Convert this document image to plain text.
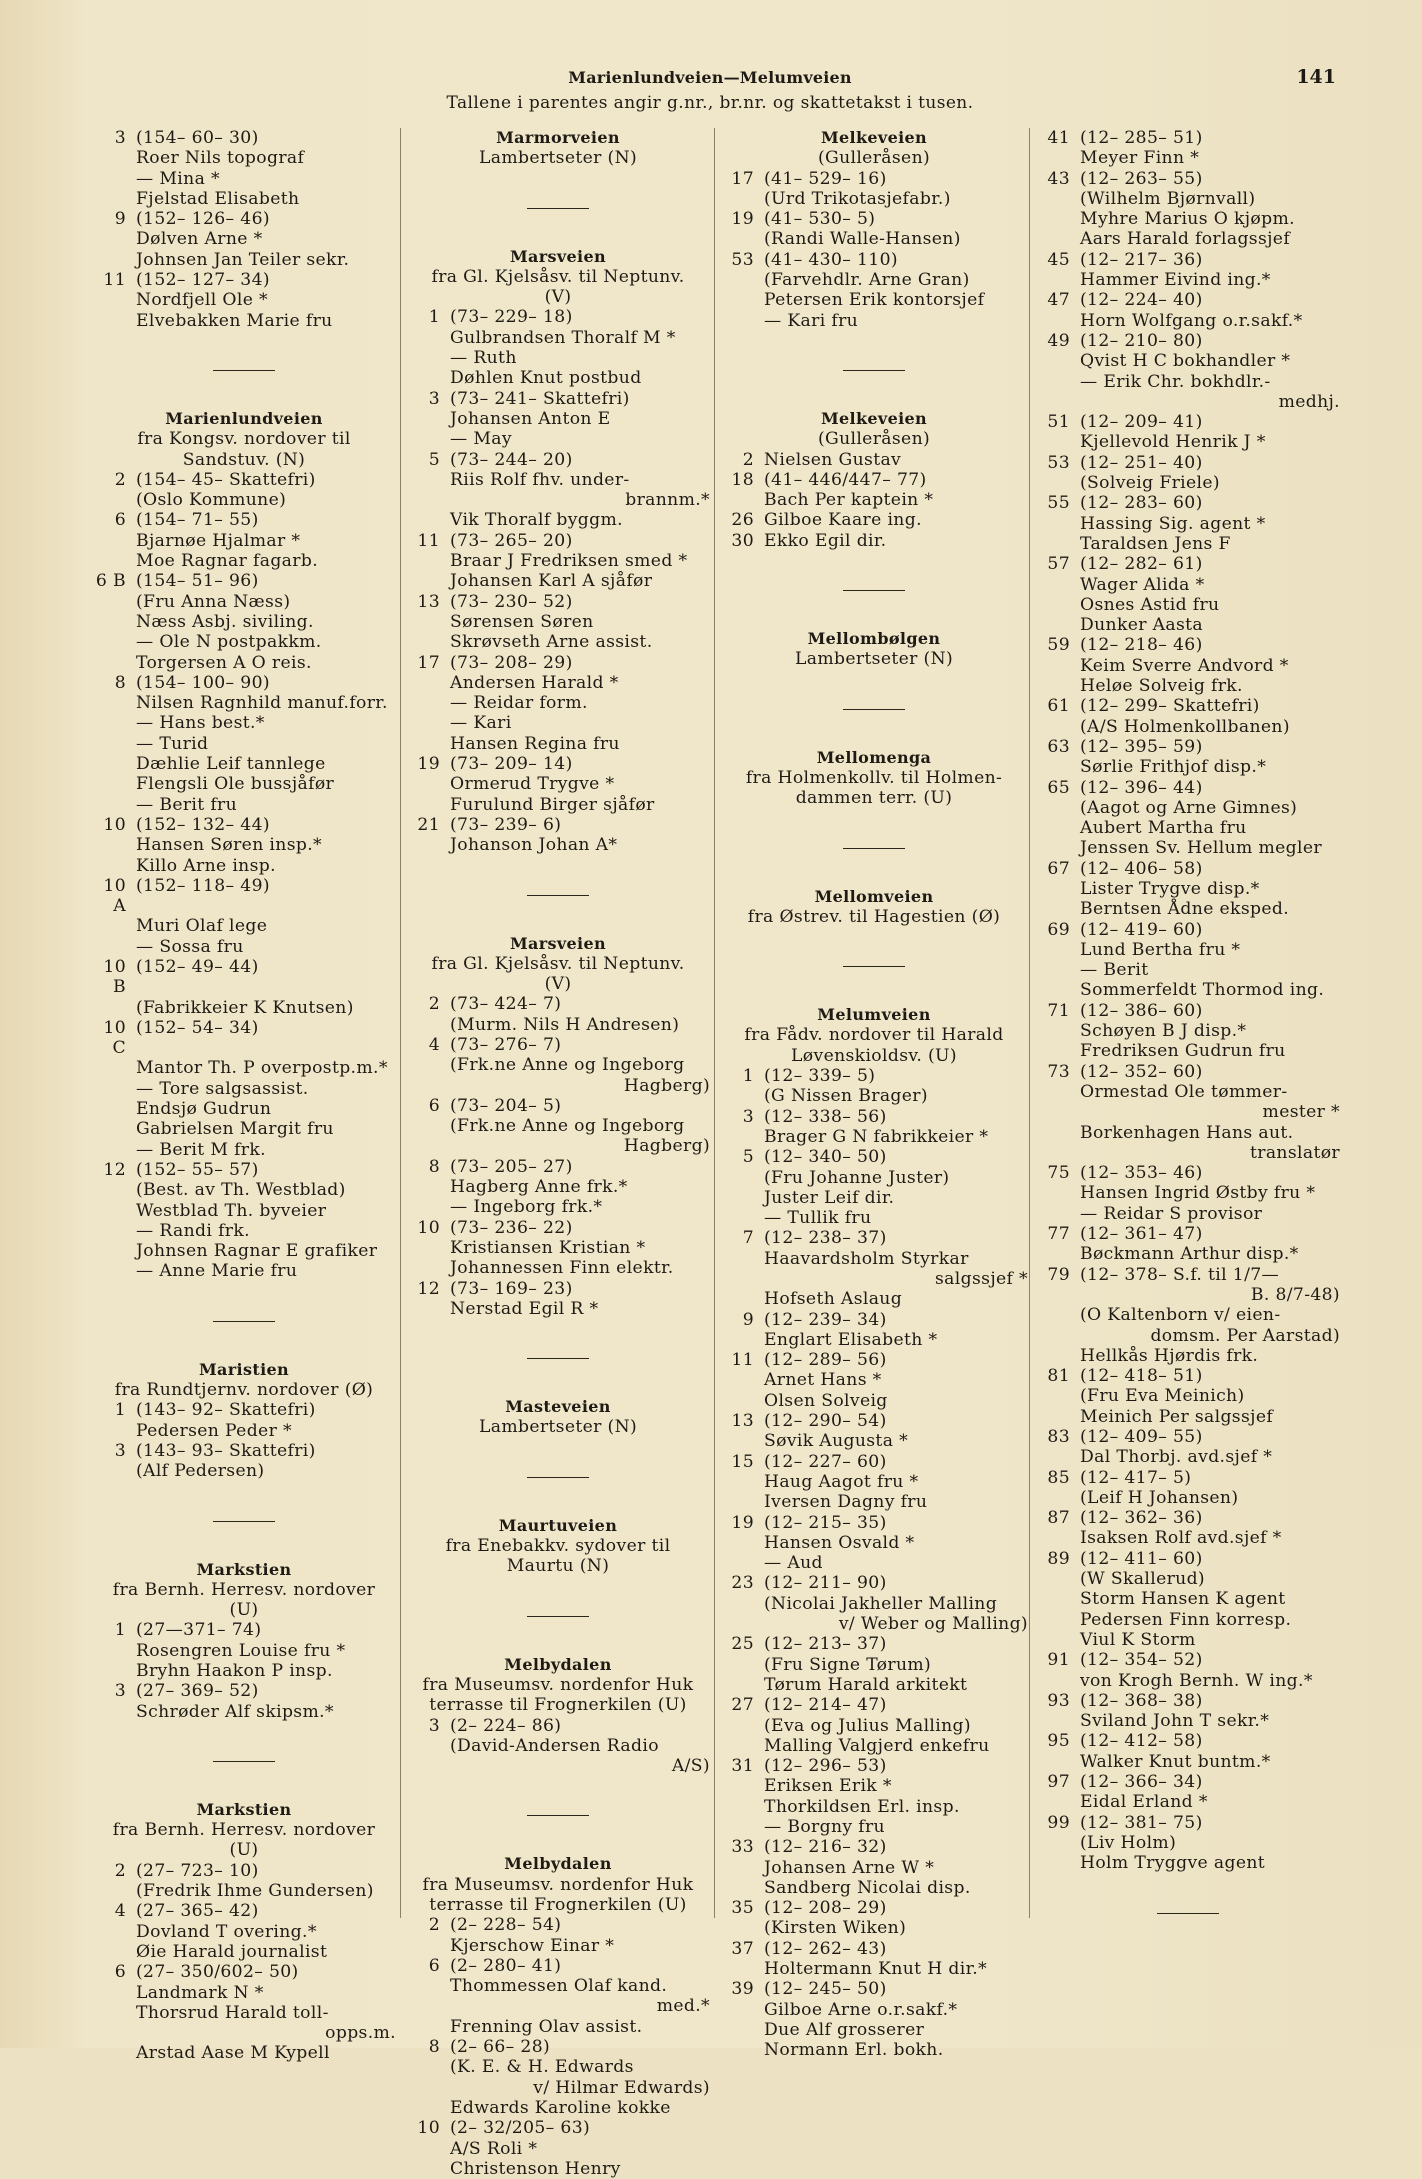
Marienlundveien—Melumveien
Tallene i parentes angir g.nr., br.nr. og skattetakst i tusen.
141
3 (154– 60– 30)
Roer Nils topograf
— Mina *
Fjelstad Elisabeth
9 (152– 126– 46)
Dølven Arne *
Johnsen Jan Teiler sekr.
11 (152– 127– 34)
Nordfjell Ole *
Elvebakken Marie fru
Marienlundveien
fra Kongsv. nordover til
Sandstuv. (N)
2 (154– 45– Skattefri)
(Oslo Kommune)
6 (154– 71– 55)
Bjarnøe Hjalmar *
Moe Ragnar fagarb.
6 B (154– 51– 96)
(Fru Anna Næss)
Næss Asbj. siviling.
— Ole N postpakkm.
Torgersen A O reis.
8 (154– 100– 90)
Nilsen Ragnhild manuf.forr.
— Hans best.*
— Turid
Dæhlie Leif tannlege
Flengsli Ole bussjåfør
— Berit fru
10 (152– 132– 44)
Hansen Søren insp.*
Killo Arne insp.
10 A
(152– 118– 49)
Muri Olaf lege
— Sossa fru
10 B
(152– 49– 44)
(Fabrikkeier K Knutsen)
10 C
(152– 54– 34)
Mantor Th. P overpostp.m.*
— Tore salgsassist.
Endsjø Gudrun
Gabrielsen Margit fru
— Berit M frk.
12 (152– 55– 57)
(Best. av Th. Westblad)
Westblad Th. byveier
— Randi frk.
Johnsen Ragnar E grafiker
— Anne Marie fru
Maristien
fra Rundtjernv. nordover (Ø)
1 (143– 92– Skattefri)
Pedersen Peder *
3 (143– 93– Skattefri)
(Alf Pedersen)
Markstien
fra Bernh. Herresv. nordover
(U)
1 (27—371– 74)
Rosengren Louise fru *
Bryhn Haakon P insp.
3 (27– 369– 52)
Schrøder Alf skipsm.*
Markstien
fra Bernh. Herresv. nordover
(U)
2 (27– 723– 10)
(Fredrik Ihme Gundersen)
4 (27– 365– 42)
Dovland T overing.*
Øie Harald journalist
6 (27– 350/602– 50)
Landmark N *
Thorsrud Harald toll-
opps.m.
Arstad Aase M Kypell
Marmorveien
Lambertseter (N)
Marsveien
fra Gl. Kjelsåsv. til Neptunv.
(V)
1 (73– 229– 18)
Gulbrandsen Thoralf M *
— Ruth
Døhlen Knut postbud
3 (73– 241– Skattefri)
Johansen Anton E
— May
5 (73– 244– 20)
Riis Rolf fhv. under-
brannm.*
Vik Thoralf byggm.
11 (73– 265– 20)
Braar J Fredriksen smed *
Johansen Karl A sjåfør
13 (73– 230– 52)
Sørensen Søren
Skrøvseth Arne assist.
17 (73– 208– 29)
Andersen Harald *
— Reidar form.
— Kari
Hansen Regina fru
19 (73– 209– 14)
Ormerud Trygve *
Furulund Birger sjåfør
21 (73– 239– 6)
Johanson Johan A*
Marsveien
fra Gl. Kjelsåsv. til Neptunv.
(V)
2 (73– 424– 7)
(Murm. Nils H Andresen)
4 (73– 276– 7)
(Frk.ne Anne og Ingeborg
Hagberg)
6 (73– 204– 5)
(Frk.ne Anne og Ingeborg
Hagberg)
8 (73– 205– 27)
Hagberg Anne frk.*
— Ingeborg frk.*
10 (73– 236– 22)
Kristiansen Kristian *
Johannessen Finn elektr.
12 (73– 169– 23)
Nerstad Egil R *
Masteveien
Lambertseter (N)
Maurtuveien
fra Enebakkv. sydover til
Maurtu (N)
Melbydalen
fra Museumsv. nordenfor Huk
terrasse til Frognerkilen (U)
3 (2– 224– 86)
(David-Andersen Radio
A/S)
Melbydalen
fra Museumsv. nordenfor Huk
terrasse til Frognerkilen (U)
2 (2– 228– 54)
Kjerschow Einar *
6 (2– 280– 41)
Thommessen Olaf kand.
med.*
Frenning Olav assist.
8 (2– 66– 28)
(K. E. & H. Edwards
v/ Hilmar Edwards)
Edwards Karoline kokke
10 (2– 32/205– 63)
A/S Roli *
Christenson Henry
Melkeveien
(Gulleråsen)
17 (41– 529– 16)
(Urd Trikotasjefabr.)
19 (41– 530– 5)
(Randi Walle-Hansen)
53 (41– 430– 110)
(Farvehdlr. Arne Gran)
Petersen Erik kontorsjef
— Kari fru
Melkeveien
(Gulleråsen)
2 Nielsen Gustav
18 (41– 446/447– 77)
Bach Per kaptein *
26 Gilboe Kaare ing.
30 Ekko Egil dir.
Mellombølgen
Lambertseter (N)
Mellomenga
fra Holmenkollv. til Holmen-
dammen terr. (U)
Mellomveien
fra Østrev. til Hagestien (Ø)
Melumveien
fra Fådv. nordover til Harald
Løvenskioldsv. (U)
1 (12– 339– 5)
(G Nissen Brager)
3 (12– 338– 56)
Brager G N fabrikkeier *
5 (12– 340– 50)
(Fru Johanne Juster)
Juster Leif dir.
— Tullik fru
7 (12– 238– 37)
Haavardsholm Styrkar
salgssjef *
Hofseth Aslaug
9 (12– 239– 34)
Englart Elisabeth *
11 (12– 289– 56)
Arnet Hans *
Olsen Solveig
13 (12– 290– 54)
Søvik Augusta *
15 (12– 227– 60)
Haug Aagot fru *
Iversen Dagny fru
19 (12– 215– 35)
Hansen Osvald *
— Aud
23 (12– 211– 90)
(Nicolai Jakheller Malling
v/ Weber og Malling)
25 (12– 213– 37)
(Fru Signe Tørum)
Tørum Harald arkitekt
27 (12– 214– 47)
(Eva og Julius Malling)
Malling Valgjerd enkefru
31 (12– 296– 53)
Eriksen Erik *
Thorkildsen Erl. insp.
— Borgny fru
33 (12– 216– 32)
Johansen Arne W *
Sandberg Nicolai disp.
35 (12– 208– 29)
(Kirsten Wiken)
37 (12– 262– 43)
Holtermann Knut H dir.*
39 (12– 245– 50)
Gilboe Arne o.r.sakf.*
Due Alf grosserer
Normann Erl. bokh.
41 (12– 285– 51)
Meyer Finn *
43 (12– 263– 55)
(Wilhelm Bjørnvall)
Myhre Marius O kjøpm.
Aars Harald forlagssjef
45 (12– 217– 36)
Hammer Eivind ing.*
47 (12– 224– 40)
Horn Wolfgang o.r.sakf.*
49 (12– 210– 80)
Qvist H C bokhandler *
— Erik Chr. bokhdlr.-
medhj.
51 (12– 209– 41)
Kjellevold Henrik J *
53 (12– 251– 40)
(Solveig Friele)
55 (12– 283– 60)
Hassing Sig. agent *
Taraldsen Jens F
57 (12– 282– 61)
Wager Alida *
Osnes Astid fru
Dunker Aasta
59 (12– 218– 46)
Keim Sverre Andvord *
Heløe Solveig frk.
61 (12– 299– Skattefri)
(A/S Holmenkollbanen)
63 (12– 395– 59)
Sørlie Frithjof disp.*
65 (12– 396– 44)
(Aagot og Arne Gimnes)
Aubert Martha fru
Jenssen Sv. Hellum megler
67 (12– 406– 58)
Lister Trygve disp.*
Berntsen Ådne eksped.
69 (12– 419– 60)
Lund Bertha fru *
— Berit
Sommerfeldt Thormod ing.
71 (12– 386– 60)
Schøyen B J disp.*
Fredriksen Gudrun fru
73 (12– 352– 60)
Ormestad Ole tømmer-
mester *
Borkenhagen Hans aut.
translatør
75 (12– 353– 46)
Hansen Ingrid Østby fru *
— Reidar S provisor
77 (12– 361– 47)
Bøckmann Arthur disp.*
79 (12– 378– S.f. til 1/7—
B. 8/7-48)
(O Kaltenborn v/ eien-
domsm. Per Aarstad)
Hellkås Hjørdis frk.
81 (12– 418– 51)
(Fru Eva Meinich)
Meinich Per salgssjef
83 (12– 409– 55)
Dal Thorbj. avd.sjef *
85 (12– 417– 5)
(Leif H Johansen)
87 (12– 362– 36)
Isaksen Rolf avd.sjef *
89 (12– 411– 60)
(W Skallerud)
Storm Hansen K agent
Pedersen Finn korresp.
Viul K Storm
91 (12– 354– 52)
von Krogh Bernh. W ing.*
93 (12– 368– 38)
Sviland John T sekr.*
95 (12– 412– 58)
Walker Knut buntm.*
97 (12– 366– 34)
Eidal Erland *
99 (12– 381– 75)
(Liv Holm)
Holm Tryggve agent
